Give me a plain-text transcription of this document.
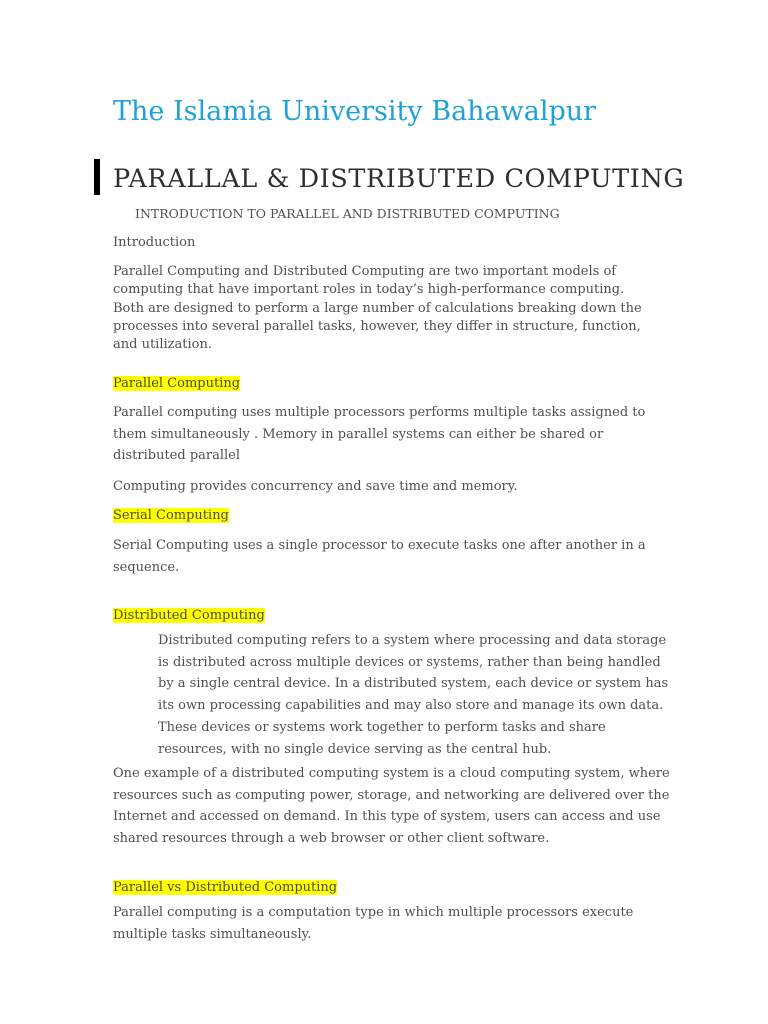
The Islamia University Bahawalpur
PARALLAL & DISTRIBUTED COMPUTING
INTRODUCTION TO PARALLEL AND DISTRIBUTED COMPUTING
Introduction
Parallel Computing and Distributed Computing are two important models of
computing that have important roles in today’s high-performance computing.
Both are designed to perform a large number of calculations breaking down the
processes into several parallel tasks, however, they differ in structure, function,
and utilization.
Parallel Computing
Parallel computing uses multiple processors performs multiple tasks assigned to
them simultaneously . Memory in parallel systems can either be shared or
distributed parallel
Computing provides concurrency and save time and memory.
Serial Computing
Serial Computing uses a single processor to execute tasks one after another in a
sequence.
Distributed Computing
Distributed computing refers to a system where processing and data storage
is distributed across multiple devices or systems, rather than being handled
by a single central device. In a distributed system, each device or system has
its own processing capabilities and may also store and manage its own data.
These devices or systems work together to perform tasks and share
resources, with no single device serving as the central hub.
One example of a distributed computing system is a cloud computing system, where
resources such as computing power, storage, and networking are delivered over the
Internet and accessed on demand. In this type of system, users can access and use
shared resources through a web browser or other client software.
Parallel vs Distributed Computing
Parallel computing is a computation type in which multiple processors execute
multiple tasks simultaneously.
